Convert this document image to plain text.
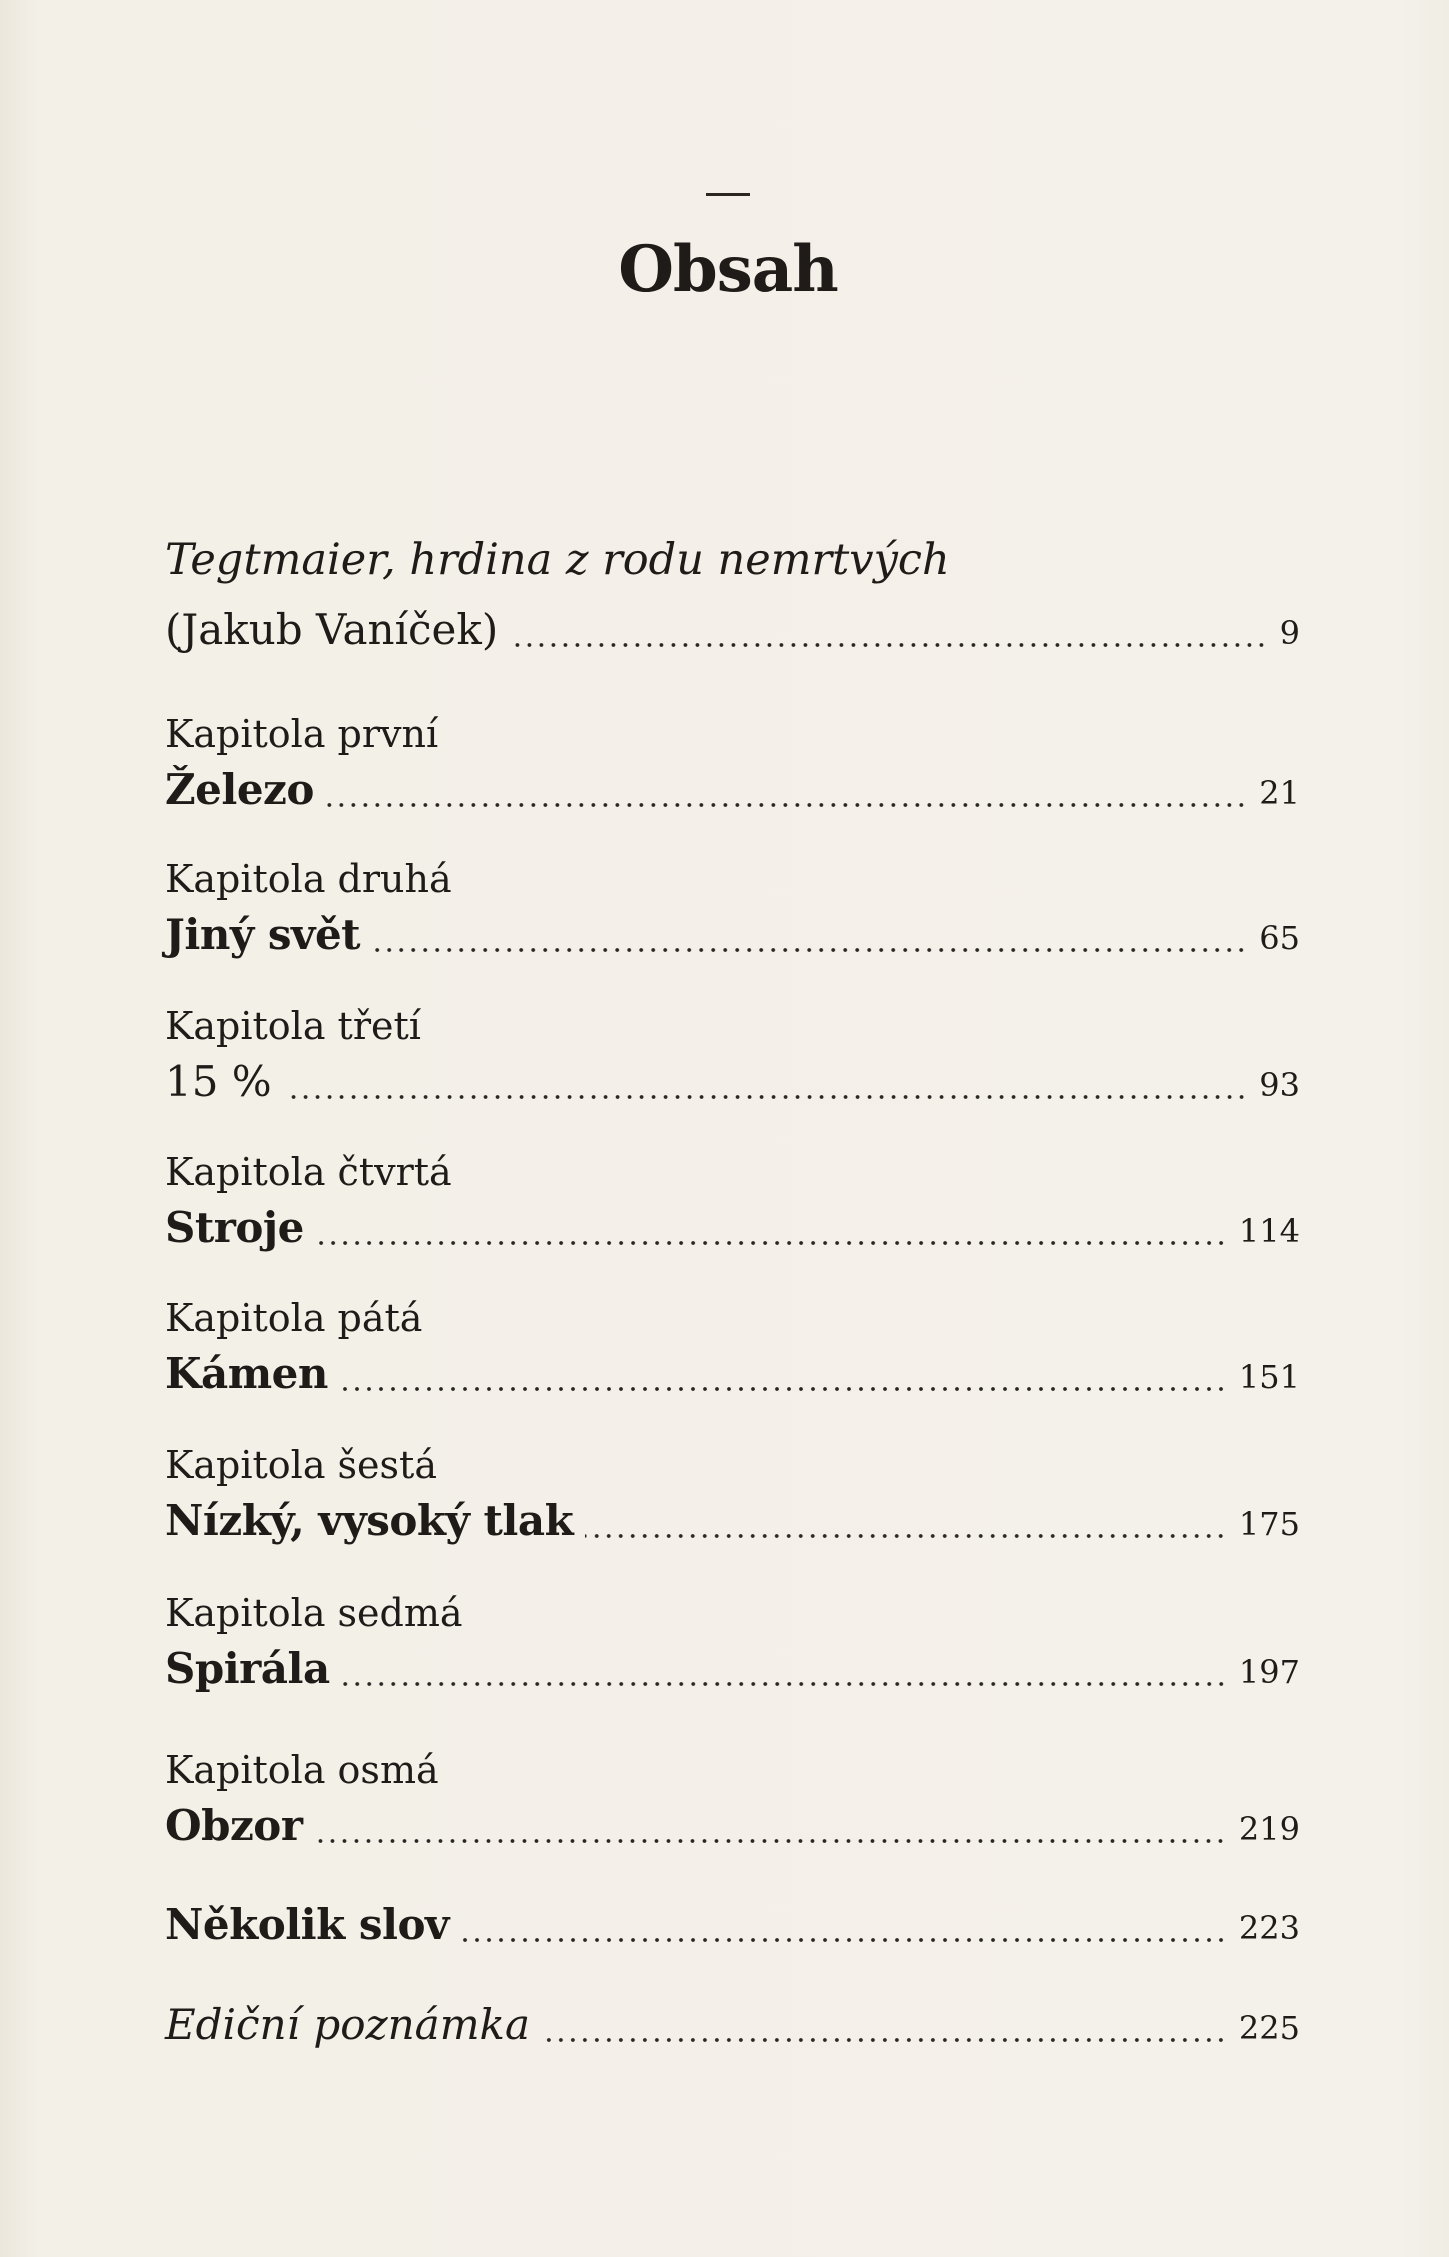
Obsah
Tegtmaier, hrdina z rodu nemrtvých
(Jakub Vaníček)	9
Kapitola první
Železo	21
Kapitola druhá
Jiný svět	65
Kapitola třetí
15 %	93
Kapitola čtvrtá
Stroje	114
Kapitola pátá
Kámen	151
Kapitola šestá
Nízký, vysoký tlak	175
Kapitola sedmá
Spirála	197
Kapitola osmá
Obzor	219
Několik slov	223
Ediční poznámka	225
